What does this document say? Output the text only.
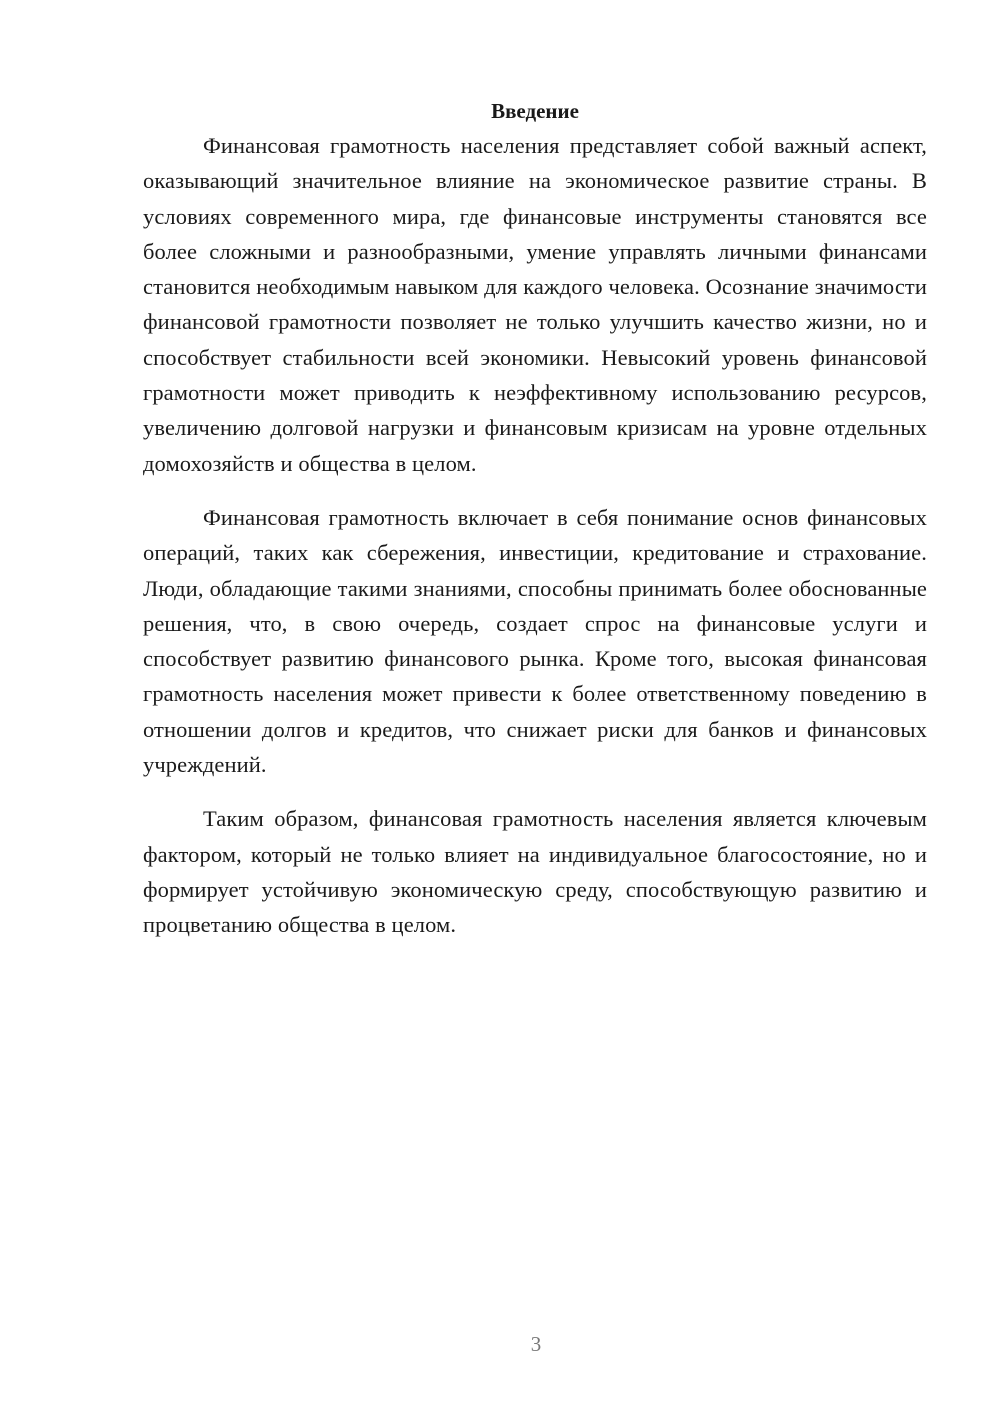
Введение

Финансовая грамотность населения представляет собой важный аспект, оказывающий значительное влияние на экономическое развитие страны. В условиях современного мира, где финансовые инструменты становятся все более сложными и разнообразными, умение управлять личными финансами становится необходимым навыком для каждого человека. Осознание значимости финансовой грамотности позволяет не только улучшить качество жизни, но и способствует стабильности всей экономики. Невысокий уровень финансовой грамотности может приводить к неэффективному использованию ресурсов, увеличению долговой нагрузки и финансовым кризисам на уровне отдельных домохозяйств и общества в целом.

Финансовая грамотность включает в себя понимание основ финансовых операций, таких как сбережения, инвестиции, кредитование и страхование. Люди, обладающие такими знаниями, способны принимать более обоснованные решения, что, в свою очередь, создает спрос на финансовые услуги и способствует развитию финансового рынка. Кроме того, высокая финансовая грамотность населения может привести к более ответственному поведению в отношении долгов и кредитов, что снижает риски для банков и финансовых учреждений.

Таким образом, финансовая грамотность населения является ключевым фактором, который не только влияет на индивидуальное благосостояние, но и формирует устойчивую экономическую среду, способствующую развитию и процветанию общества в целом.

3
